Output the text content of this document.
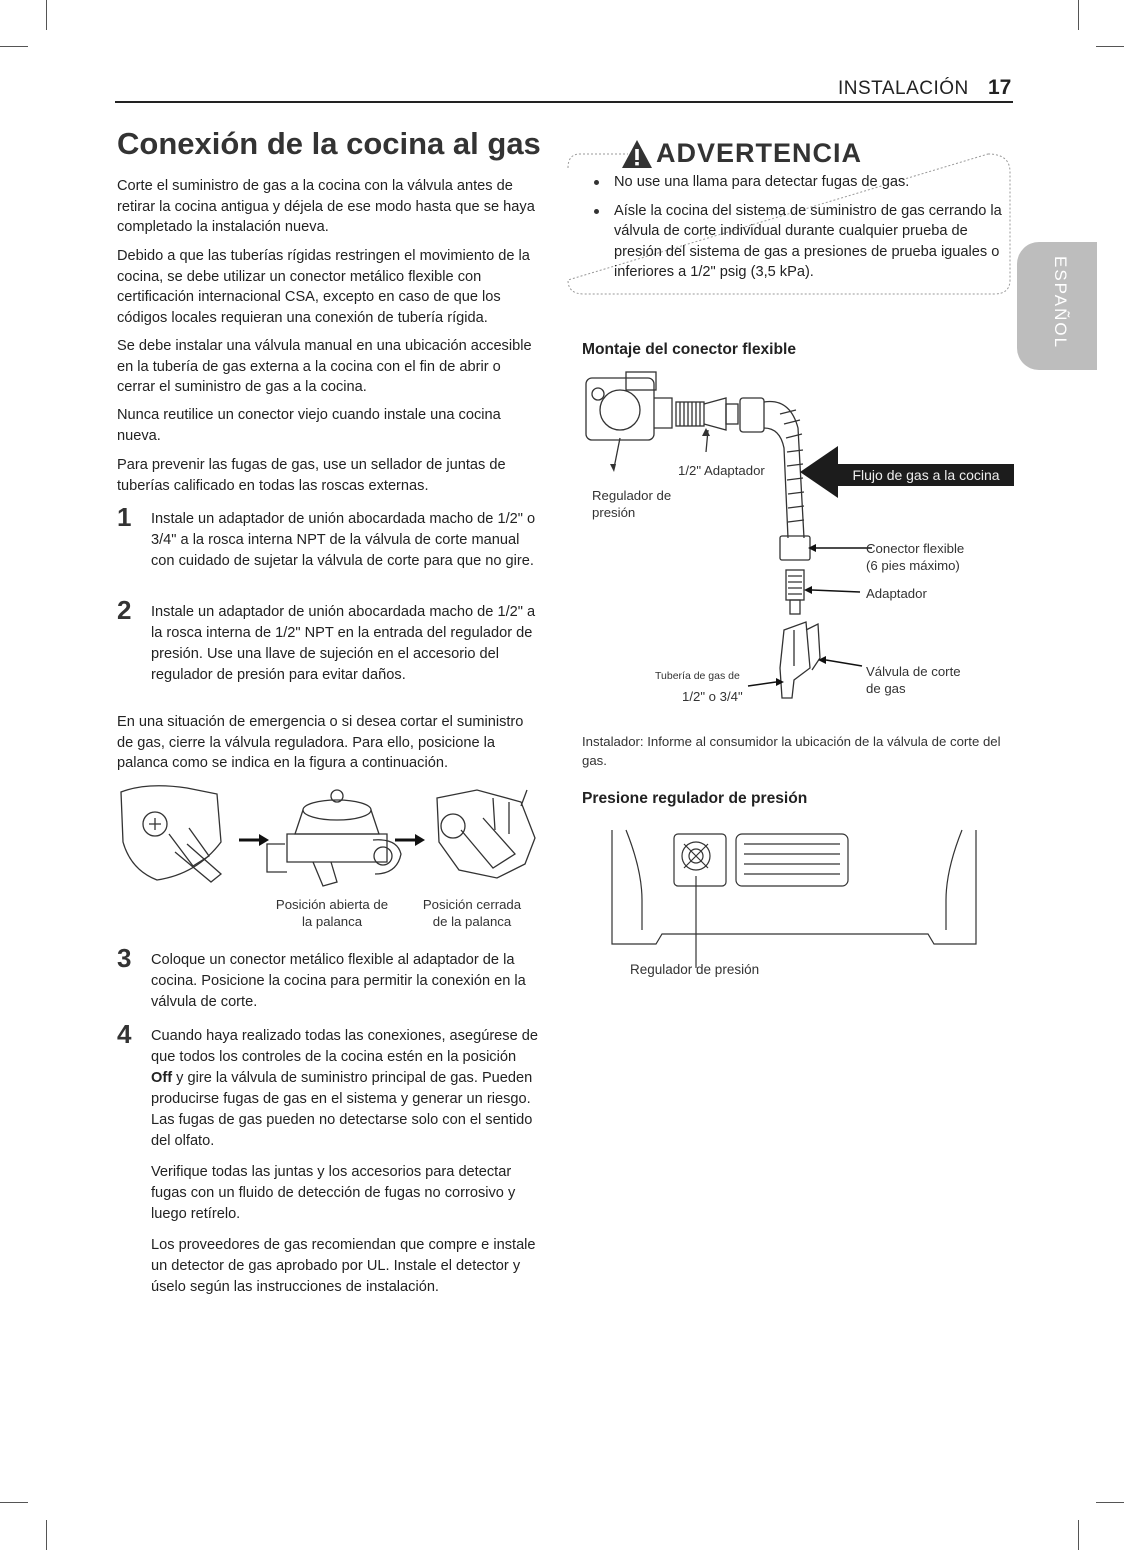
INSTALACIÓN 17
Conexión de la cocina al gas

Corte el suministro de gas a la cocina con la válvula antes de retirar la cocina antigua y déjela de ese modo hasta que se haya completado la instalación nueva.

Debido a que las tuberías rígidas restringen el movimiento de la cocina, se debe utilizar un conector metálico flexible con certificación internacional CSA, excepto en caso de que los códigos locales requieran una conexión de tubería rígida.

Se debe instalar una válvula manual en una ubicación accesible en la tubería de gas externa a la cocina con el fin de abrir o cerrar el suministro de gas a la cocina.

Nunca reutilice un conector viejo cuando instale una cocina nueva.

Para prevenir las fugas de gas, use un sellador de juntas de tuberías calificado en todas las roscas externas.

1 Instale un adaptador de unión abocardada macho de 1/2" o 3/4" a la rosca interna NPT de la válvula de corte manual con cuidado de sujetar la válvula de corte para que no gire.
2 Instale un adaptador de unión abocardada macho de 1/2" a la rosca interna de 1/2" NPT en la entrada del regulador de presión. Use una llave de sujeción en el accesorio del regulador de presión para evitar daños.

En una situación de emergencia o si desea cortar el suministro de gas, cierre la válvula reguladora. Para ello, posicione la palanca como se indica en la figura a continuación.

Posición abierta de
la palanca
Posición cerrada
de la palanca
3 Coloque un conector metálico flexible al adaptador de la cocina. Posicione la cocina para permitir la conexión en la válvula de corte.
4 Cuando haya realizado todas las conexiones, asegúrese de que todos los controles de la cocina estén en la posición Off y gire la válvula de suministro principal de gas. Pueden producirse fugas de gas en el sistema y generar un riesgo. Las fugas de gas pueden no detectarse solo con el sentido del olfato.

Verifique todas las juntas y los accesorios para detectar fugas con un fluido de detección de fugas no corrosivo y luego retírelo.

Los proveedores de gas recomiendan que compre e instale un detector de gas aprobado por UL. Instale el detector y úselo según las instrucciones de instalación.

ADVERTENCIA
No use una llama para detectar fugas de gas.
Aísle la cocina del sistema de suministro de gas cerrando la válvula de corte individual durante cualquier prueba de presión del sistema de gas a presiones de prueba iguales o inferiores a 1/2" psig (3,5 kPa).	ESPAÑOL
Montaje del conector flexible
Flujo de gas a la cocina
1/2" Adaptador
Regulador de
presión
Conector flexible
(6 pies máximo)
Adaptador
Válvula de corte
de gas
Tubería de gas de
1/2" o 3/4"
Instalador: Informe al consumidor la ubicación de la válvula de corte del gas.
Presione regulador de presión
Regulador de presión
